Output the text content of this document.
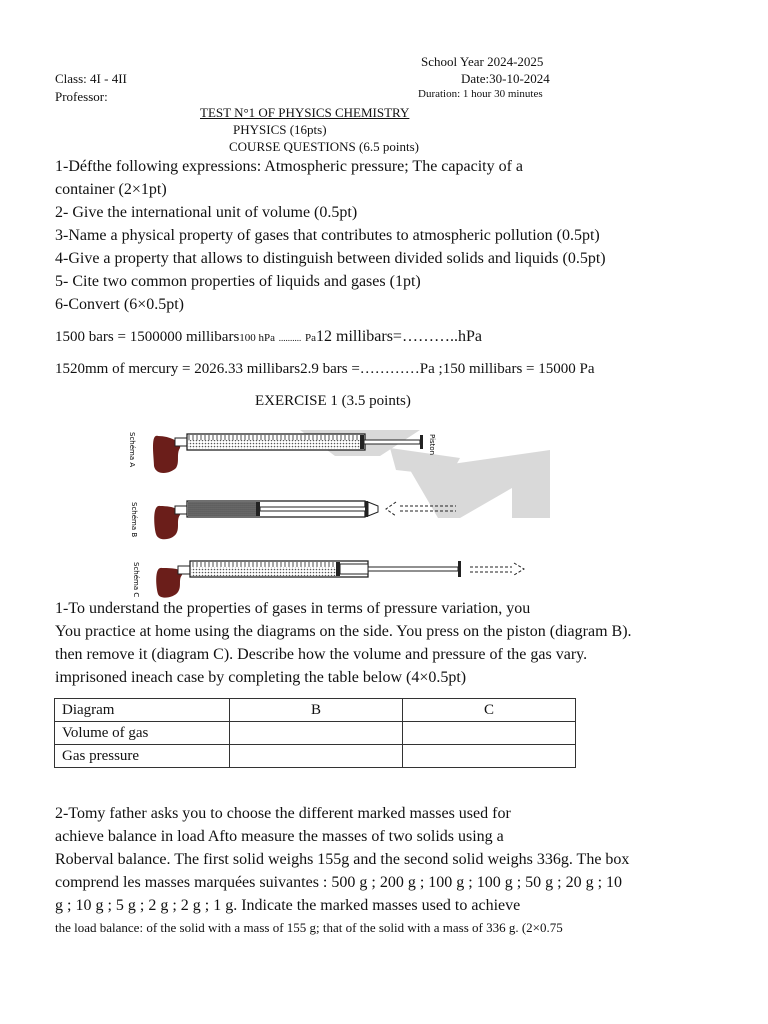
School Year 2024-2025
Class: 4I - 4II	Date:30-10-2024
Professor:	Duration: 1 hour 30 minutes
TEST N°1 OF PHYSICS CHEMISTRY
PHYSICS (16pts)
COURSE QUESTIONS (6.5 points)
1-Défthe following expressions: Atmospheric pressure; The capacity of a
container (2×1pt)
2- Give the international unit of volume (0.5pt)
3-Name a physical property of gases that contributes to atmospheric pollution (0.5pt)
4-Give a property that allows to distinguish between divided solids and liquids (0.5pt)
5- Cite two common properties of liquids and gases (1pt)
6-Convert (6×0.5pt)
1500 bars = 1500000 millibars100 hPa .......... Pa12 millibars=………..hPa
1520mm of mercury = 2026.33 millibars2.9 bars =…………Pa ;150 millibars = 15000 Pa
EXERCISE 1 (3.5 points)
Schéma A	Piston
Schéma B
Schéma C
1-To understand the properties of gases in terms of pressure variation, you
You practice at home using the diagrams on the side. You press on the piston (diagram B).
then remove it (diagram C). Describe how the volume and pressure of the gas vary.
imprisoned ineach case by completing the table below (4×0.5pt)
Diagram	B	C
Volume of gas		
Gas pressure		
2-Tomy father asks you to choose the different marked masses used for
achieve balance in load Afto measure the masses of two solids using a
Roberval balance. The first solid weighs 155g and the second solid weighs 336g. The box
comprend les masses marquées suivantes : 500 g ; 200 g ; 100 g ; 100 g ; 50 g ; 20 g ; 10
g ; 10 g ; 5 g ; 2 g ; 2 g ; 1 g. Indicate the marked masses used to achieve
the load balance: of the solid with a mass of 155 g; that of the solid with a mass of 336 g. (2×0.75
